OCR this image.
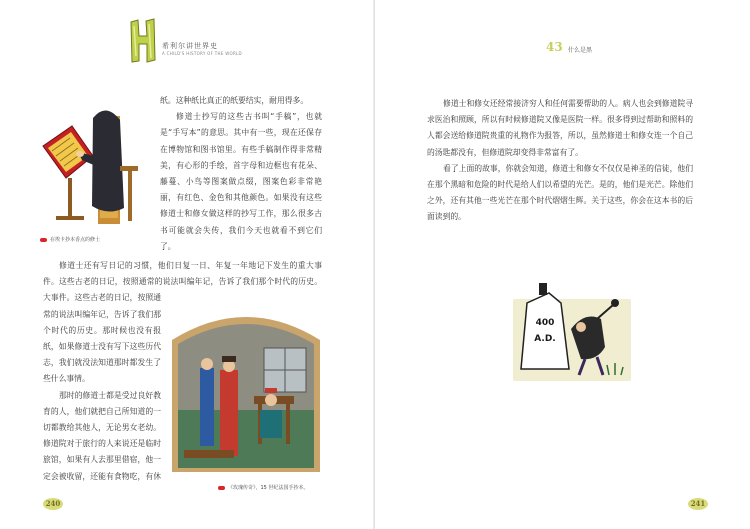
希利尔讲世界史
A CHILD'S HISTORY OF THE WORLD
在埃卡抄本香点的修士

纸。这种纸比真正的纸要结实，耐用得多。

修道士抄写的这些古书叫“手稿”，也就是“手写本”的意思。其中有一些，现在还保存在博物馆和图书馆里。有些手稿制作得非常精美，有心形的手绘，首字母和边框也有花朵、藤蔓、小鸟等图案做点缀，图案色彩非常艳丽，有红色、金色和其他颜色。如果没有这些修道士和修女做这样的抄写工作，那么很多古书可能就会失传，我们今天也就看不到它们了。

修道士还有写日记的习惯，他们日复一日、年复一年地记下发生的重大事件。这些古老的日记，按照通常的说法叫编年记，告诉了我们那个时代的历史。

大事件。这些古老的日记，按照通常的说法叫编年记，告诉了我们那个时代的历史。那时候也没有报纸，如果修道士没有写下这些历代志，我们就没法知道那时都发生了些什么事情。

那时的修道士都是受过良好教育的人，他们就把自己所知道的一切都教给其他人，无论男女老幼。修道院对于旅行的人来说还是临时旅馆，如果有人去那里借宿，他一定会被收留，还能有食物吃，有休

《玫瑰传奇》，15 世纪法国手抄本。
240
43 什么是黑

修道士和修女还经常接济穷人和任何需要帮助的人。病人也会到修道院寻求医治和照顾，所以有时候修道院又像是医院一样。很多得到过帮助和照料的人都会送给修道院贵重的礼物作为报答，所以，虽然修道士和修女连一个自己的汤匙都没有，但修道院却变得非常富有了。

看了上面的故事，你就会知道，修道士和修女不仅仅是神圣的信徒，他们在那个黑暗和危险的时代是给人们以希望的光芒。是的，他们是光芒。除他们之外，还有其他一些光芒在那个时代熠熠生辉。关于这些，你会在这本书的后面读到的。

400
A.D.
241
